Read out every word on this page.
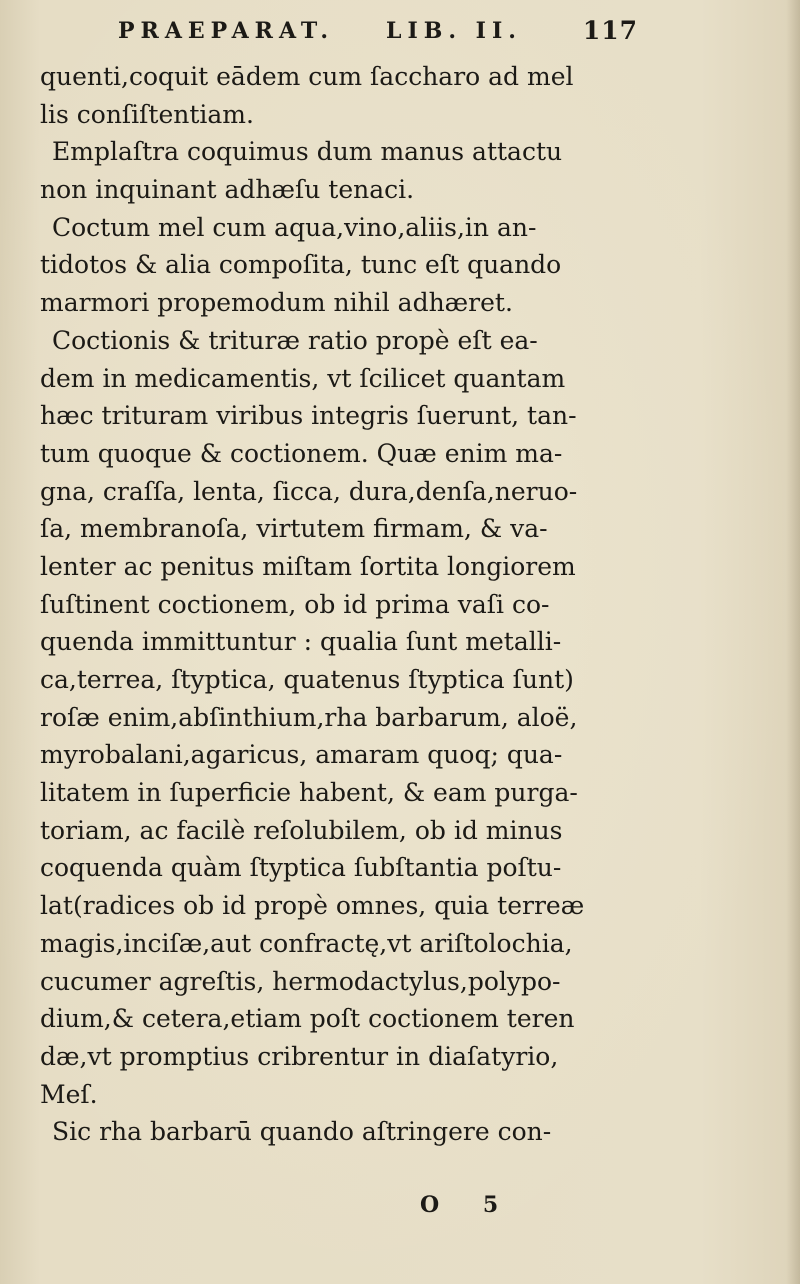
PRAEPARAT. LIB. II. 117
quenti,coquit eādem cum ſaccharo ad mel
lis conſiſtentiam.
Emplaſtra coquimus dum manus attactu
non inquinant adhæſu tenaci.
Coctum mel cum aqua,vino,aliis,in an-
tidotos & alia compoſita, tunc eſt quando
marmori propemodum nihil adhæret.
Coctionis & trituræ ratio propè eſt ea-
dem in medicamentis, vt ſcilicet quantam
hæc trituram viribus integris ſuerunt, tan-
tum quoque & coctionem. Quæ enim ma-
gna, craſſa, lenta, ſicca, dura,denſa,neruo-
ſa, membranoſa, virtutem firmam, & va-
lenter ac penitus miſtam ſortita longiorem
ſuſtinent coctionem, ob id prima vaſi co-
quenda immittuntur : qualia ſunt metalli-
ca,terrea, ſtyptica, quatenus ſtyptica ſunt)
roſæ enim,abſinthium,rha barbarum, aloë,
myrobalani,agaricus, amaram quoq; qua-
litatem in ſuperficie habent, & eam purga-
toriam, ac facilè reſolubilem, ob id minus
coquenda quàm ſtyptica ſubſtantia poſtu-
lat(radices ob id propè omnes, quia terreæ
magis,inciſæ,aut confractę,vt ariſtolochia,
cucumer agreſtis, hermodactylus,polypo-
dium,& cetera,etiam poſt coctionem teren
dæ,vt promptius cribrentur in diaſatyrio,
Meſ.
Sic rha barbarū quando aſtringere con-
O 5
